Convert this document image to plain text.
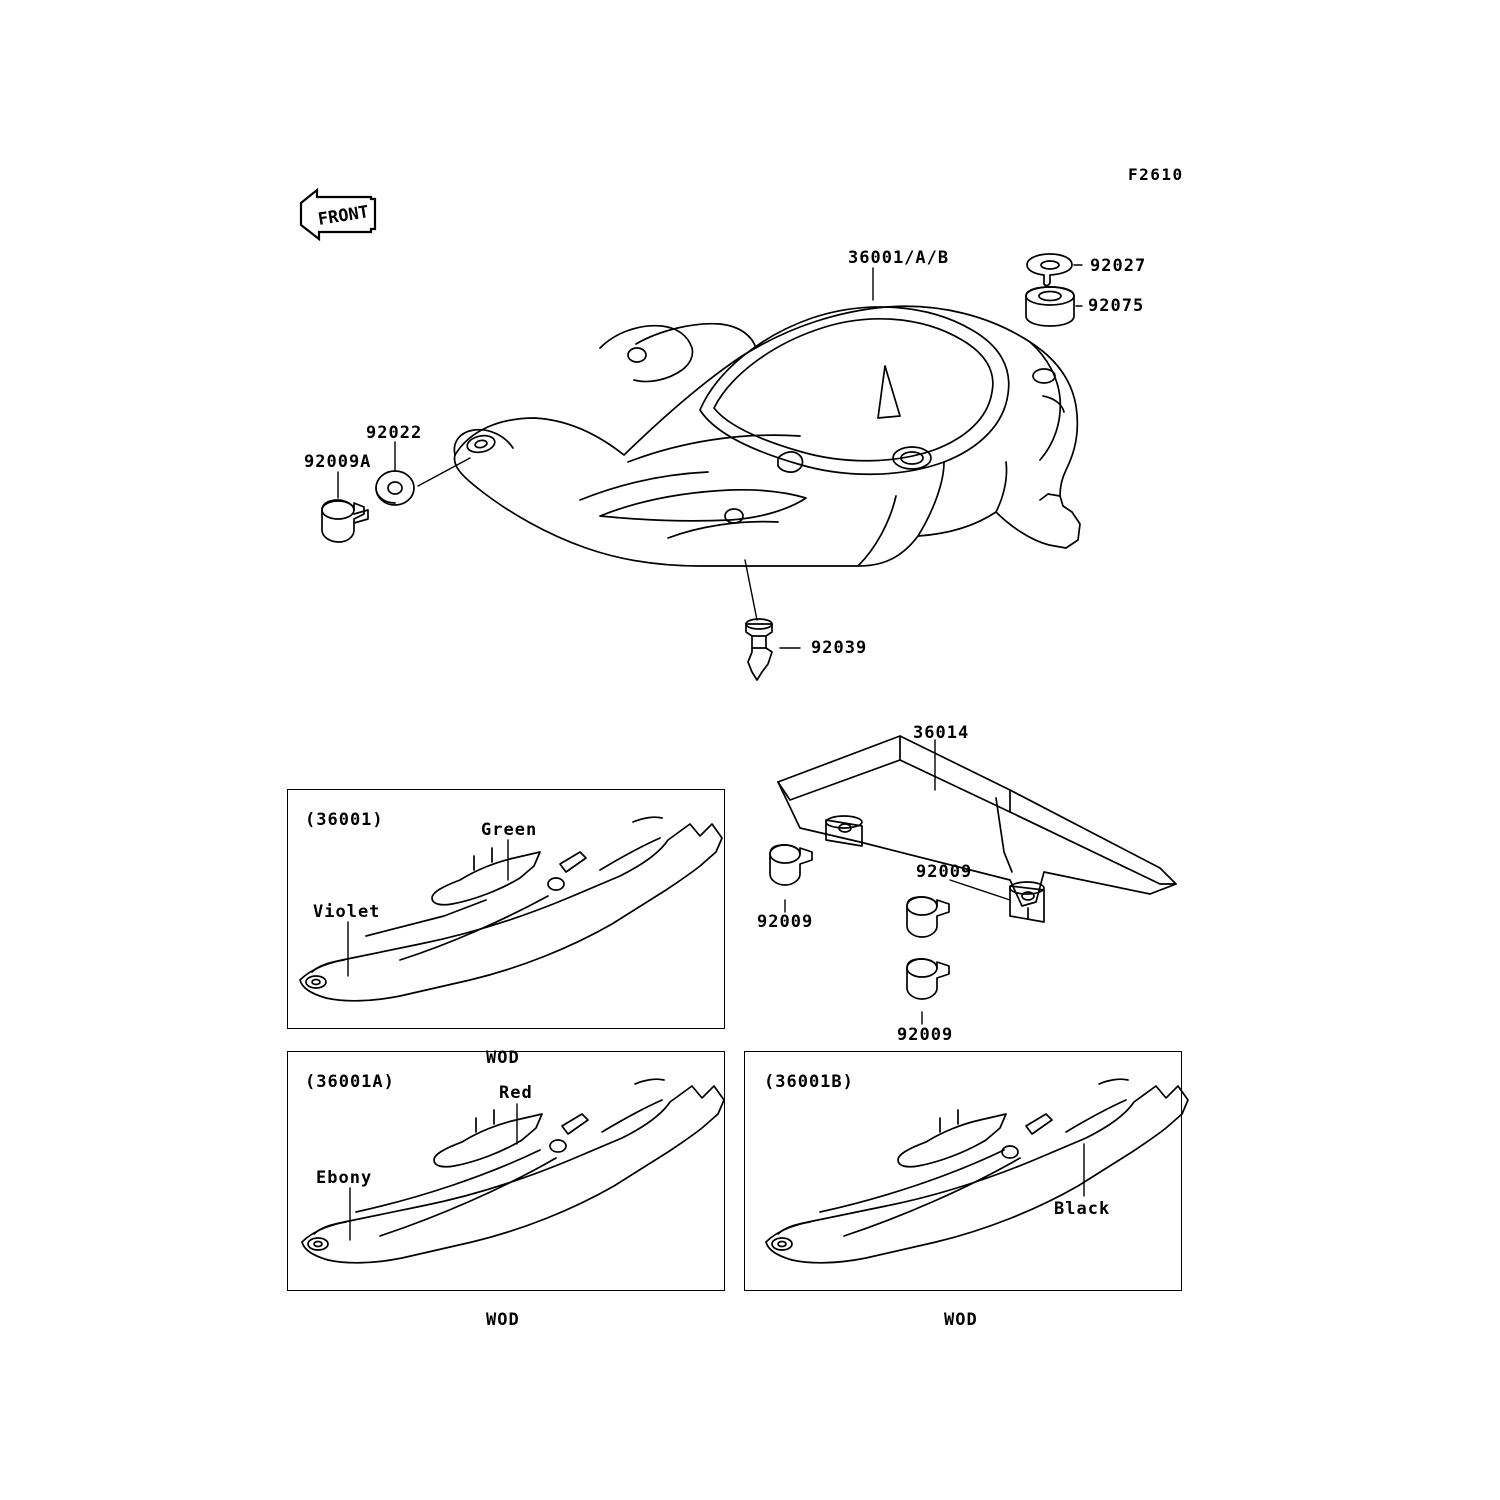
F2610
FRONT
36001/A/B	92027
92075
92022
92009A
92039
36014
92009
92009
92009
(36001)	Green
Violet
WOD
(36001A)
Red
Ebony
WOD
(36001B)
Black
WOD
